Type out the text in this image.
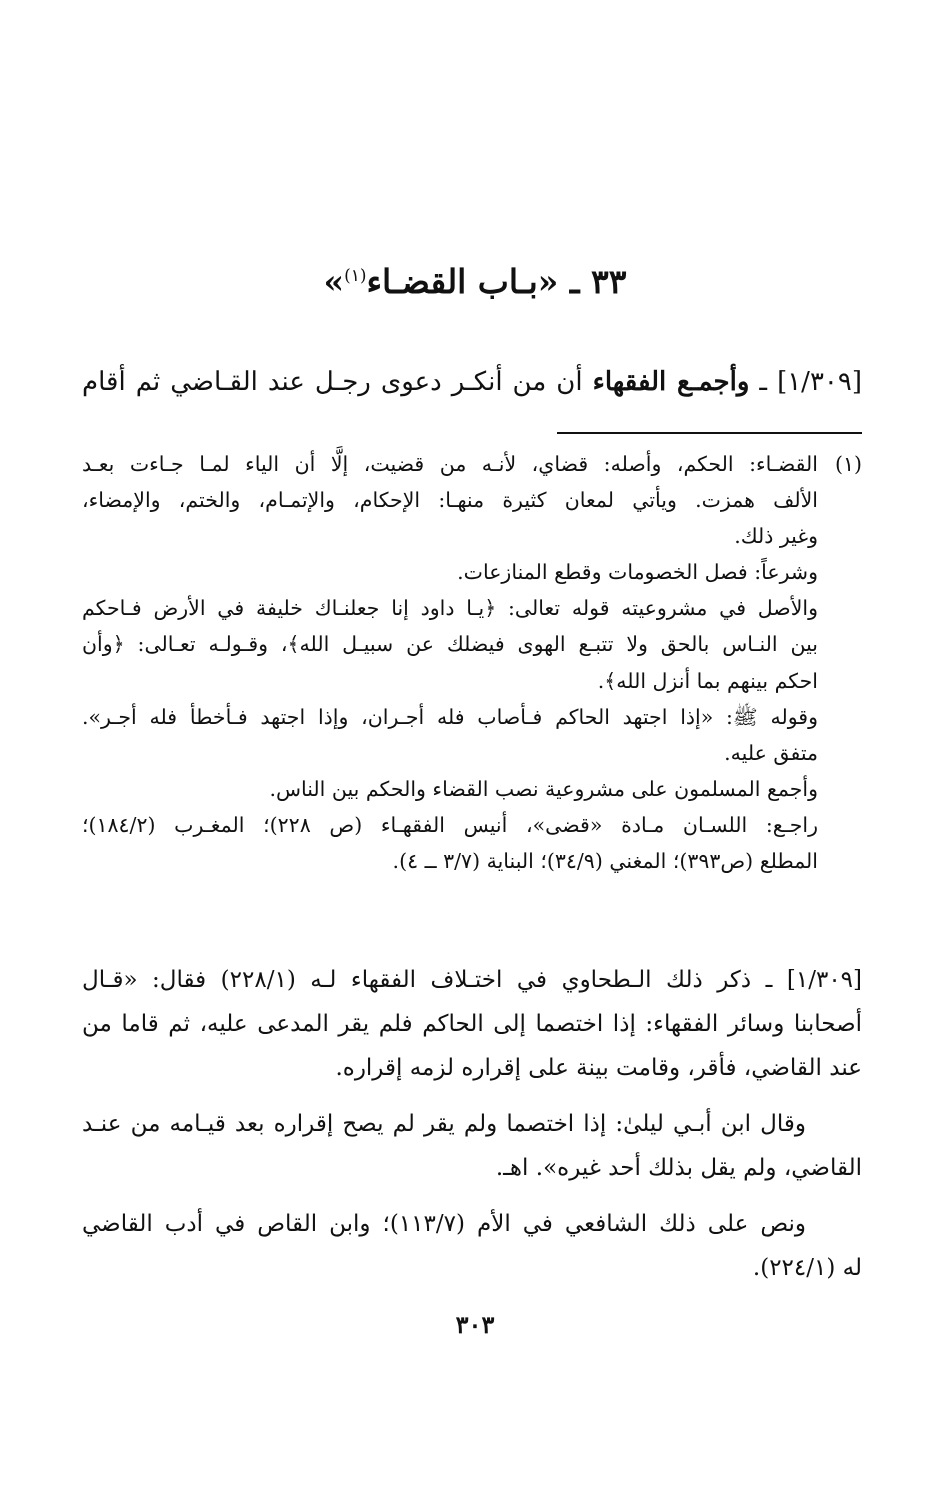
٣٣ ـ «بـاب القضـاء$^{(١)}$»

[١/٣٠٩] ـ وأجمـع الفقهاء أن من أنكـر دعوى رجـل عند القـاضي ثم أقام

(١)القضـاء: الحكم، وأصله: قضاي، لأنـه من قضيت، إلَّا أن الياء لمـا جـاءت بعـد
الألف همزت. ويأتي لمعان كثيرة منهـا: الإحكام، والإتمـام، والختم، والإمضاء،
وغير ذلك.
وشرعاً: فصل الخصومات وقطع المنازعات.
والأصل في مشروعيته قوله تعالى: ﴿يـا داود إنا جعلنـاك خليفة في الأرض فـاحكم
بين النـاس بالحق ولا تتبـع الهوى فيضلك عن سبيـل الله﴾، وقـولـه تعـالى: ﴿وأن
احكم بينهم بما أنزل الله﴾.
وقوله ﷺ: «إذا اجتهد الحاكم فـأصاب فله أجـران، وإذا اجتهد فـأخطأ فله أجـر».
متفق عليه.
وأجمع المسلمون على مشروعية نصب القضاء والحكم بين الناس.
راجـع: اللسـان مـادة «قضى»، أنيس الفقهـاء (ص ٢٢٨)؛ المغـرب (١٨٤/٢)؛
المطلع (ص٣٩٣)؛ المغني (٣٤/٩)؛ البناية (٣/٧ ــ ٤).
[١/٣٠٩] ـ ذكر ذلك الـطحاوي في اختـلاف الفقهاء لـه (٢٢٨/١) فقال: «قـال
أصحابنا وسائر الفقهاء: إذا اختصما إلى الحاكم فلم يقر المدعى عليه، ثم قاما من
عند القاضي، فأقر، وقامت بينة على إقراره لزمه إقراره.
وقال ابن أبـي ليلىٰ: إذا اختصما ولم يقر لم يصح إقراره بعد قيـامه من عنـد
القاضي، ولم يقل بذلك أحد غيره». اهـ.
ونص على ذلك الشافعي في الأم (١١٣/٧)؛ وابن القاص في أدب القاضي
له (٢٢٤/١).

٣٠٣
